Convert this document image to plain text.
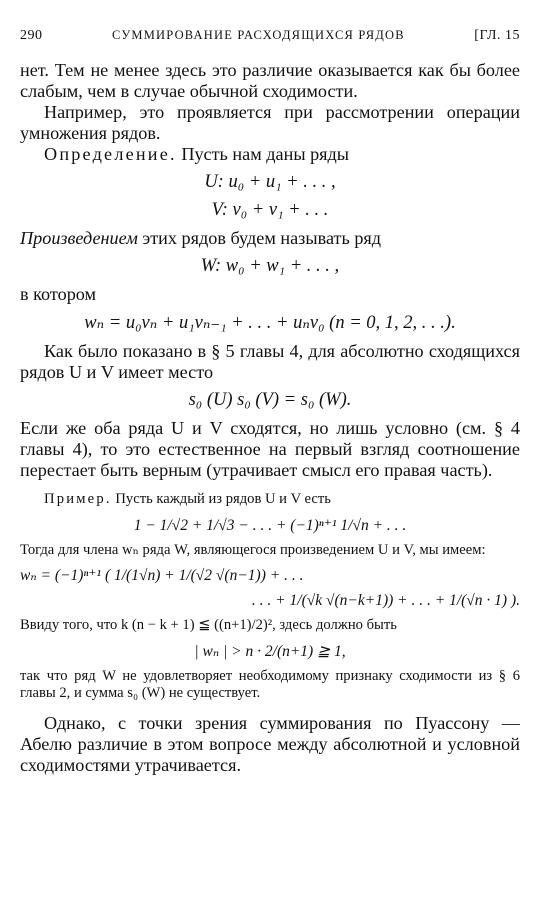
290	СУММИРОВАНИЕ РАСХОДЯЩИХСЯ РЯДОВ	[ГЛ. 15

нет. Тем не менее здесь это различие оказывается как бы более слабым, чем в случае обычной сходимости.

Например, это проявляется при рассмотрении операции умножения рядов.

Определение. Пусть нам даны ряды

U: u₀ + u₁ + . . . ,
V: v₀ + v₁ + . . .

Произведением этих рядов будем называть ряд

W: w₀ + w₁ + . . . ,

в котором

wₙ = u₀vₙ + u₁vₙ₋₁ + . . . + uₙv₀ (n = 0, 1, 2, . . .).

Как было показано в § 5 главы 4, для абсолютно сходящихся рядов U и V имеет место

s₀ (U) s₀ (V) = s₀ (W).

Если же оба ряда U и V сходятся, но лишь условно (см. § 4 главы 4), то это естественное на первый взгляд соотношение перестает быть верным (утрачивает смысл его правая часть).

Пример. Пусть каждый из рядов U и V есть

1 − 1/√2 + 1/√3 − . . . + (−1)ⁿ⁺¹ 1/√n + . . .

Тогда для члена wₙ ряда W, являющегося произведением U и V, мы имеем:

wₙ = (−1)ⁿ⁺¹ ( 1/(1√n) + 1/(√2 √(n−1)) + . . .
. . . + 1/(√k √(n−k+1)) + . . . + 1/(√n · 1) ).

Ввиду того, что k (n − k + 1) ≦ ((n+1)/2)², здесь должно быть

| wₙ | > n · 2/(n+1) ≧ 1,

так что ряд W не удовлетворяет необходимому признаку сходимости из § 6 главы 2, и сумма s₀ (W) не существует.

Однако, с точки зрения суммирования по Пуассону — Абелю различие в этом вопросе между абсолютной и условной сходимостями утрачивается.
